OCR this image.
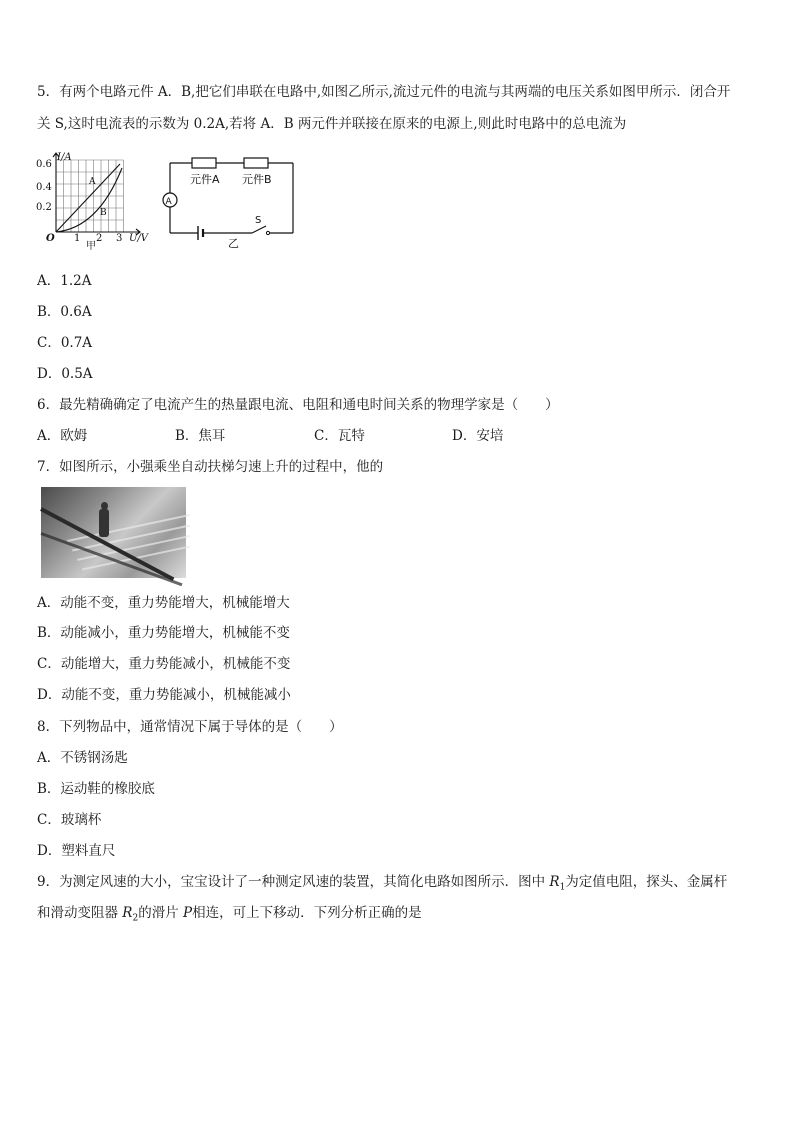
5．有两个电路元件 A．B,把它们串联在电路中,如图乙所示,流过元件的电流与其两端的电压关系如图甲所示．闭合开
关 S,这时电流表的示数为 0.2A,若将 A．B 两元件并联接在原来的电源上,则此时电路中的总电流为
0.6
0.4
0.2
I/A
O 1 2 3 U/V
A
B
甲
元件A 元件B
A
S
乙
A．1.2A
B．0.6A
C．0.7A
D．0.5A
6．最先精确确定了电流产生的热量跟电流、电阻和通电时间关系的物理学家是（　　）
A．欧姆	B．焦耳	C．瓦特	D．安培
7．如图所示，小强乘坐自动扶梯匀速上升的过程中，他的
A．动能不变，重力势能增大，机械能增大
B．动能减小，重力势能增大，机械能不变
C．动能增大，重力势能减小，机械能不变
D．动能不变，重力势能减小，机械能减小
8．下列物品中，通常情况下属于导体的是（　　）
A．不锈钢汤匙
B．运动鞋的橡胶底
C．玻璃杯
D．塑料直尺
9．为测定风速的大小，宝宝设计了一种测定风速的装置，其简化电路如图所示．图中 $R_1$为定值电阻，探头、金属杆
和滑动变阻器 $R_2$的滑片 P相连，可上下移动．下列分析正确的是
